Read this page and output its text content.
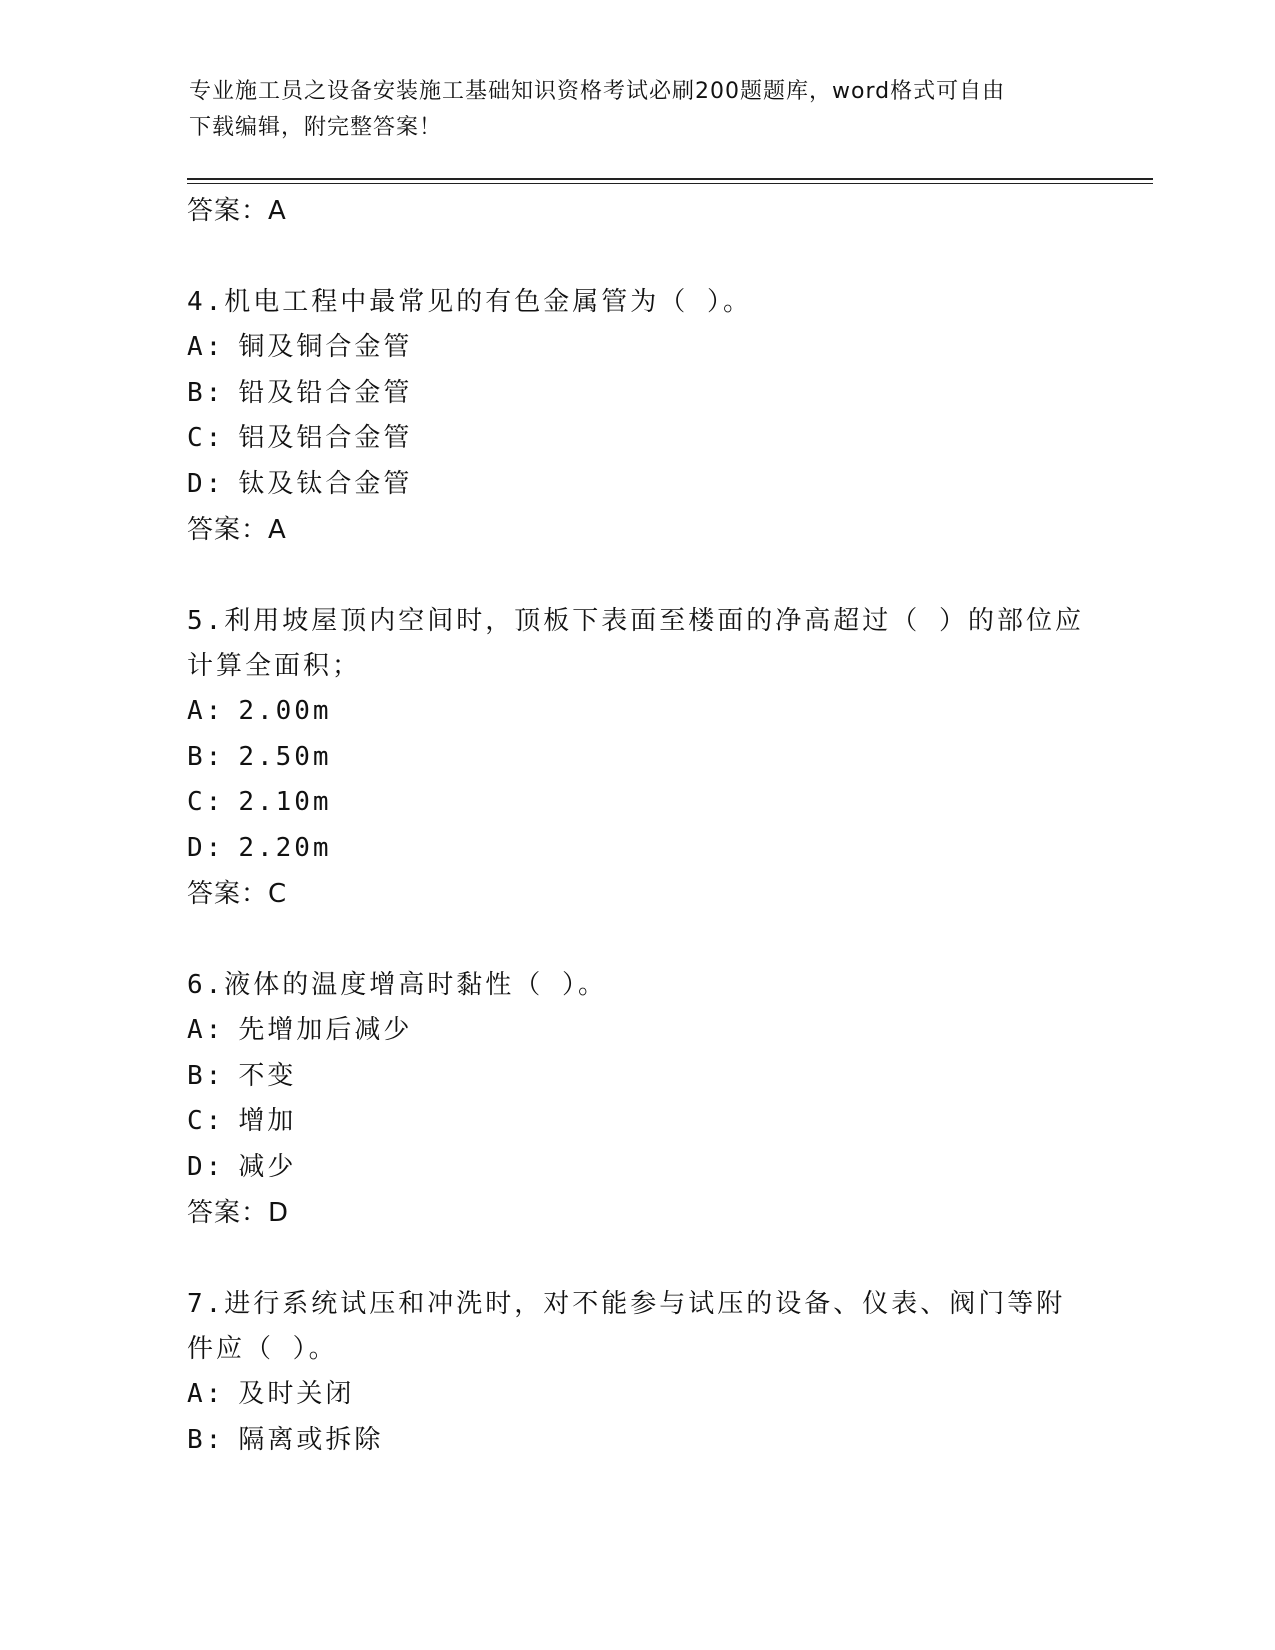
专业施工员之设备安装施工基础知识资格考试必刷200题题库，word格式可自由
下载编辑，附完整答案！
答案：A
4.机电工程中最常见的有色金属管为（ ）。
A: 铜及铜合金管
B: 铅及铅合金管
C: 铝及铝合金管
D: 钛及钛合金管
答案：A
5.利用坡屋顶内空间时，顶板下表面至楼面的净高超过（ ）的部位应
计算全面积；
A: 2.00m
B: 2.50m
C: 2.10m
D: 2.20m
答案：C
6.液体的温度增高时黏性（ ）。
A: 先增加后减少
B: 不变
C: 增加
D: 减少
答案：D
7.进行系统试压和冲洗时，对不能参与试压的设备、仪表、阀门等附
件应（ ）。
A: 及时关闭
B: 隔离或拆除
